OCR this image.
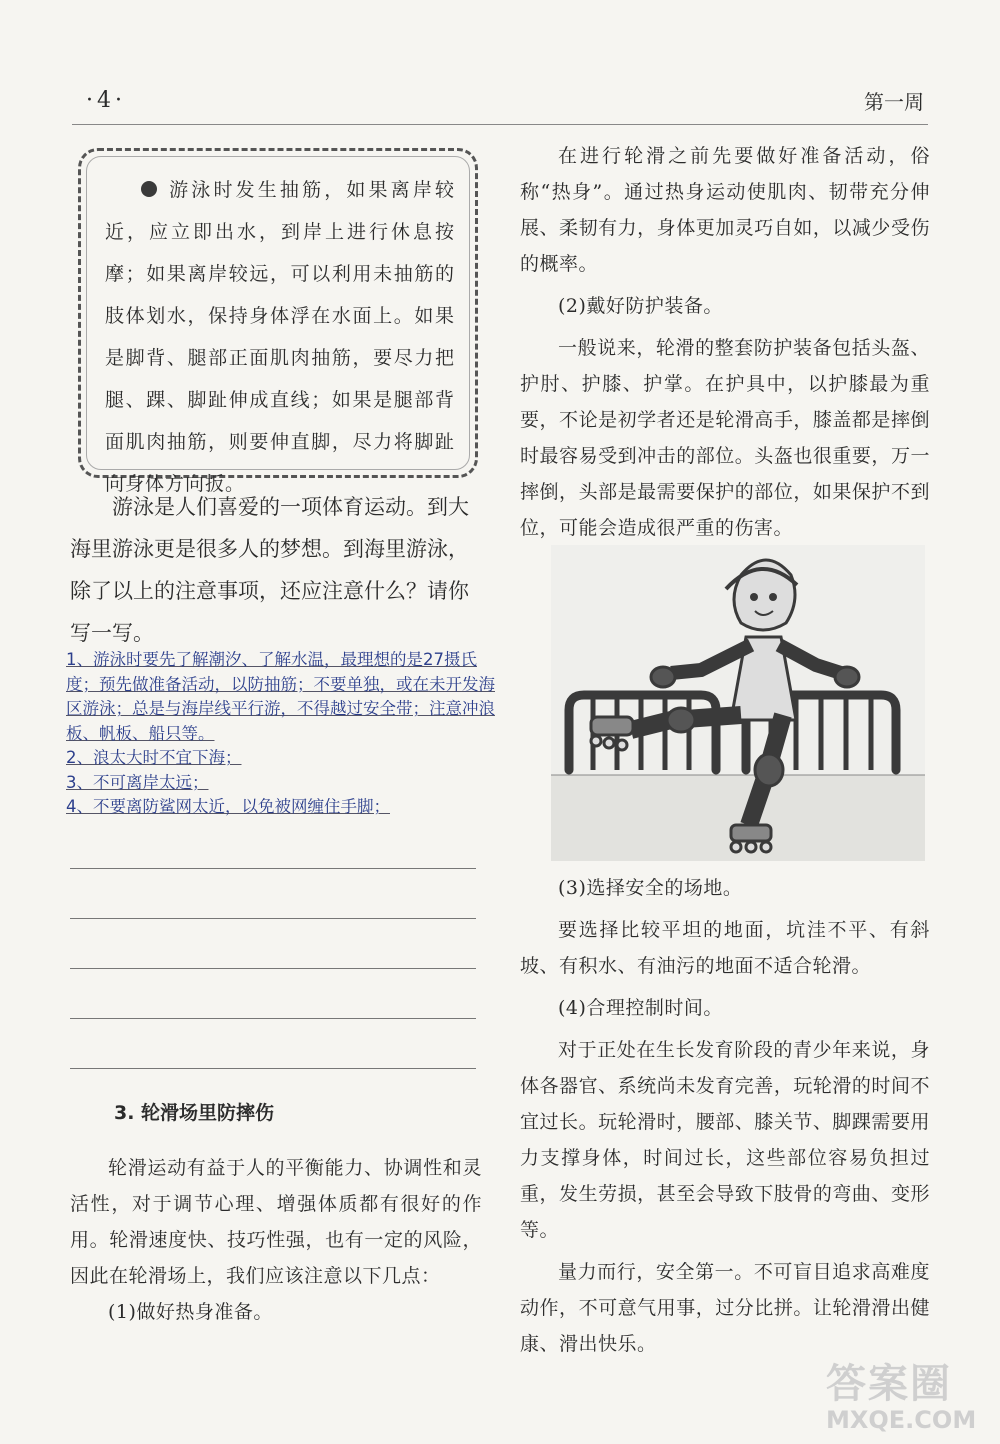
·4·	第一周
游泳时发生抽筋，如果离岸较近，应立即出水，到岸上进行休息按摩；如果离岸较远，可以利用未抽筋的肢体划水，保持身体浮在水面上。如果是脚背、腿部正面肌肉抽筋，要尽力把腿、踝、脚趾伸成直线；如果是腿部背面肌肉抽筋，则要伸直脚，尽力将脚趾向身体方向扳。
游泳是人们喜爱的一项体育运动。到大海里游泳更是很多人的梦想。到海里游泳，除了以上的注意事项，还应注意什么？请你写一写。

1、游泳时要先了解潮汐、了解水温，最理想的是27摄氏度；预先做准备活动，以防抽筋；不要单独，或在未开发海区游泳；总是与海岸线平行游，不得越过安全带；注意冲浪板、帆板、船只等。

2、浪太大时不宜下海；

3、不可离岸太远；

4、不要离防鲨网太近，以免被网缠住手脚；

3. 轮滑场里防摔伤

轮滑运动有益于人的平衡能力、协调性和灵活性，对于调节心理、增强体质都有很好的作用。轮滑速度快、技巧性强，也有一定的风险，因此在轮滑场上，我们应该注意以下几点：

(1)做好热身准备。

在进行轮滑之前先要做好准备活动，俗称“热身”。通过热身运动使肌肉、韧带充分伸展、柔韧有力，身体更加灵巧自如，以减少受伤的概率。

(2)戴好防护装备。

一般说来，轮滑的整套防护装备包括头盔、护肘、护膝、护掌。在护具中，以护膝最为重要，不论是初学者还是轮滑高手，膝盖都是摔倒时最容易受到冲击的部位。头盔也很重要，万一摔倒，头部是最需要保护的部位，如果保护不到位，可能会造成很严重的伤害。

(3)选择安全的场地。

要选择比较平坦的地面，坑洼不平、有斜坡、有积水、有油污的地面不适合轮滑。

(4)合理控制时间。

对于正处在生长发育阶段的青少年来说，身体各器官、系统尚未发育完善，玩轮滑的时间不宜过长。玩轮滑时，腰部、膝关节、脚踝需要用力支撑身体，时间过长，这些部位容易负担过重，发生劳损，甚至会导致下肢骨的弯曲、变形等。

量力而行，安全第一。不可盲目追求高难度动作，不可意气用事，过分比拼。让轮滑滑出健康、滑出快乐。

答案圈
MXQE.COM
